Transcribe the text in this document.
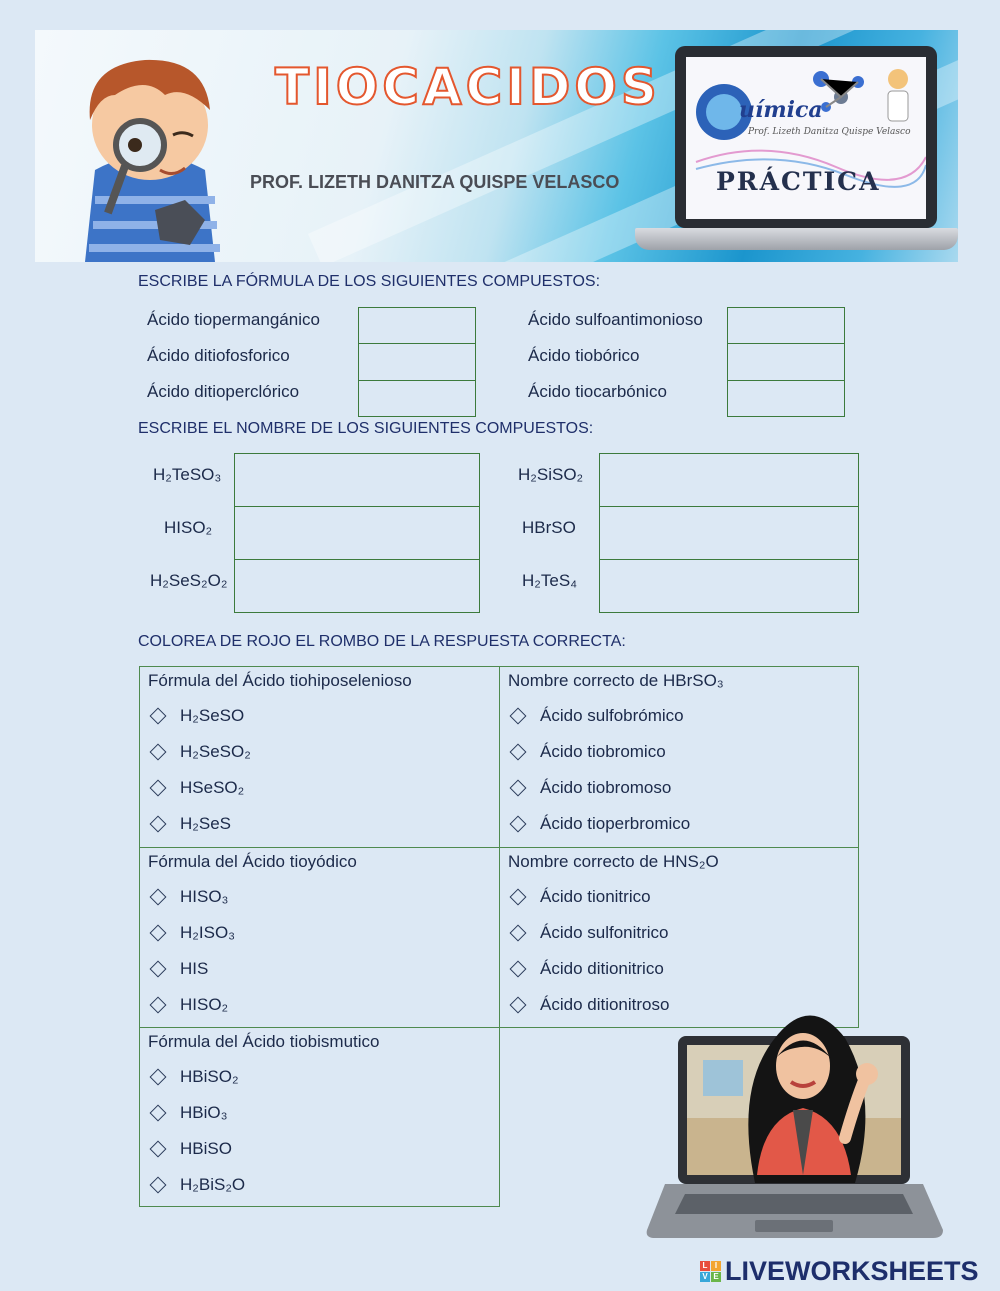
TIOCACIDOS
PROF. LIZETH DANITZA QUISPE VELASCO
uímica
Prof. Lizeth Danitza Quispe Velasco
PRÁCTICA
ESCRIBE LA FÓRMULA DE LOS SIGUIENTES COMPUESTOS:
Ácido tiopermangánico
Ácido ditiofosforico
Ácido ditioperclórico
Ácido sulfoantimonioso
Ácido tiobórico
Ácido tiocarbónico
ESCRIBE EL NOMBRE DE LOS SIGUIENTES COMPUESTOS:
H₂TeSO₃
HISO₂
H₂SeS₂O₂
H₂SiSO₂
HBrSO
H₂TeS₄
COLOREA DE ROJO EL ROMBO DE LA RESPUESTA CORRECTA:
Fórmula del Ácido tiohiposelenioso
H₂SeSO
H₂SeSO₂
HSeSO₂
H₂SeS
Nombre correcto de HBrSO₃
Ácido sulfobrómico
Ácido tiobromico
Ácido tiobromoso
Ácido tioperbromico
Fórmula del Ácido tioyódico
HISO₃
H₂ISO₃
HIS
HISO₂
Nombre correcto de HNS₂O
Ácido tionitrico
Ácido sulfonitrico
Ácido ditionitrico
Ácido ditionitroso
Fórmula del Ácido tiobismutico
HBiSO₂
HBiO₃
HBiSO
H₂BiS₂O
L I
V E LIVEWORKSHEETS
